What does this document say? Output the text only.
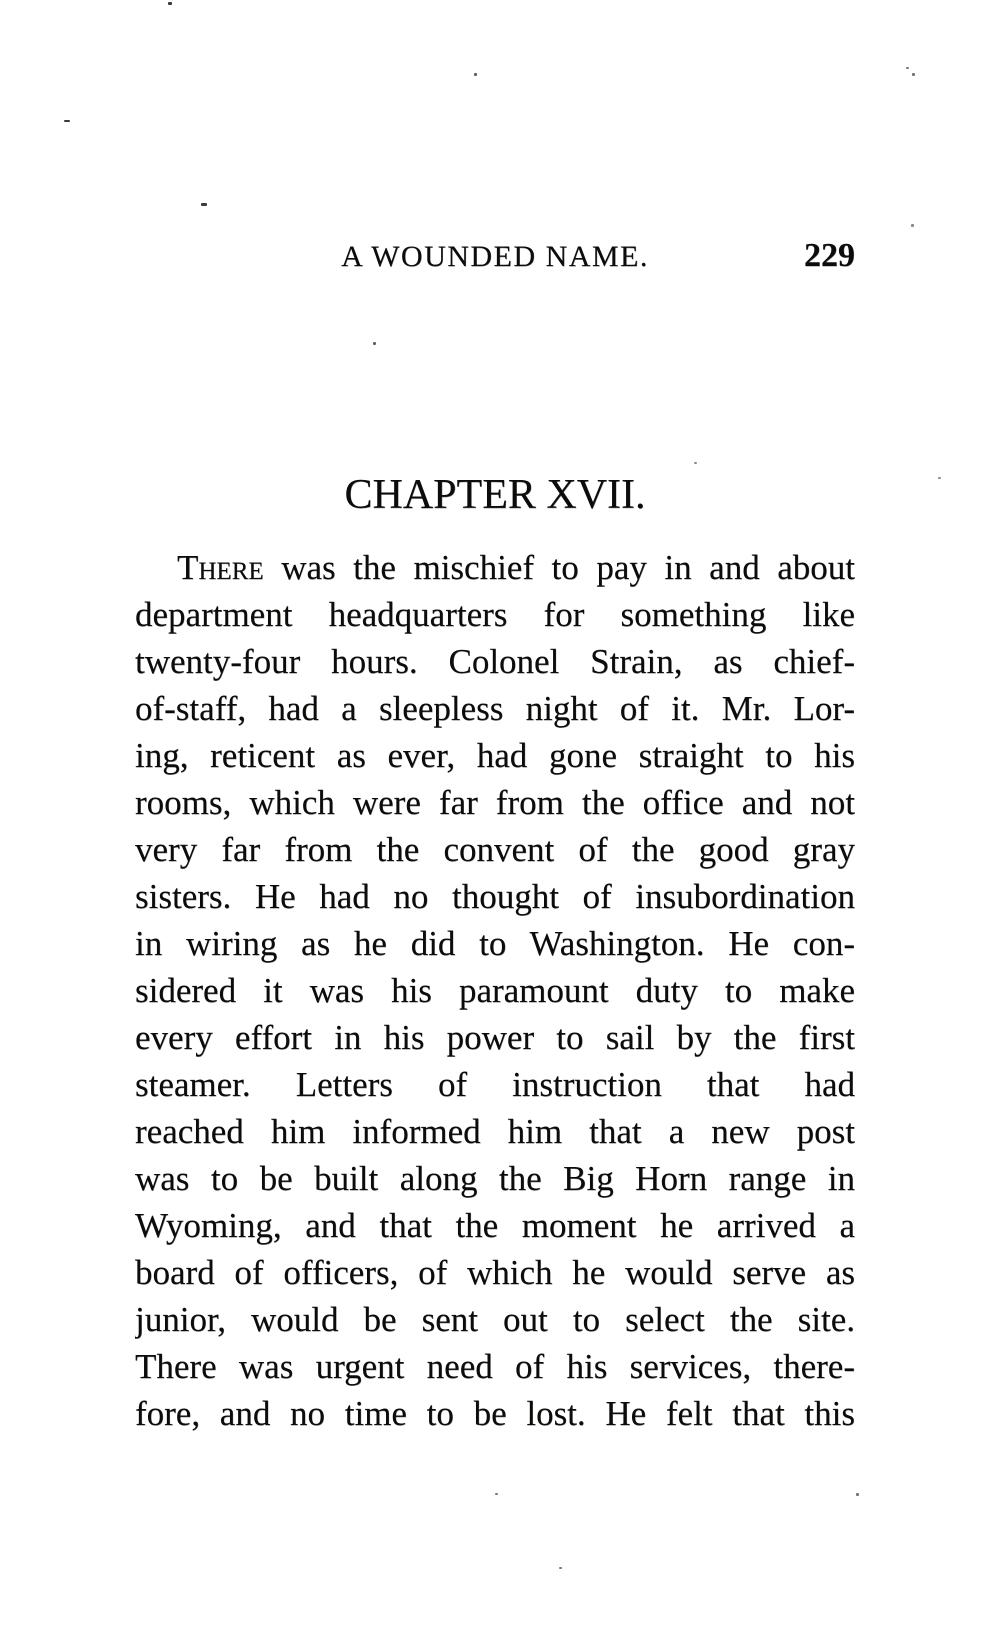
A WOUNDED NAME.	229
CHAPTER XVII.
There was the mischief to pay in and about
department headquarters for something like
twenty-four hours. Colonel Strain, as chief-
of-staff, had a sleepless night of it. Mr. Lor-
ing, reticent as ever, had gone straight to his
rooms, which were far from the office and not
very far from the convent of the good gray
sisters. He had no thought of insubordination
in wiring as he did to Washington. He con-
sidered it was his paramount duty to make
every effort in his power to sail by the first
steamer. Letters of instruction that had
reached him informed him that a new post
was to be built along the Big Horn range in
Wyoming, and that the moment he arrived a
board of officers, of which he would serve as
junior, would be sent out to select the site.
There was urgent need of his services, there-
fore, and no time to be lost. He felt that this
